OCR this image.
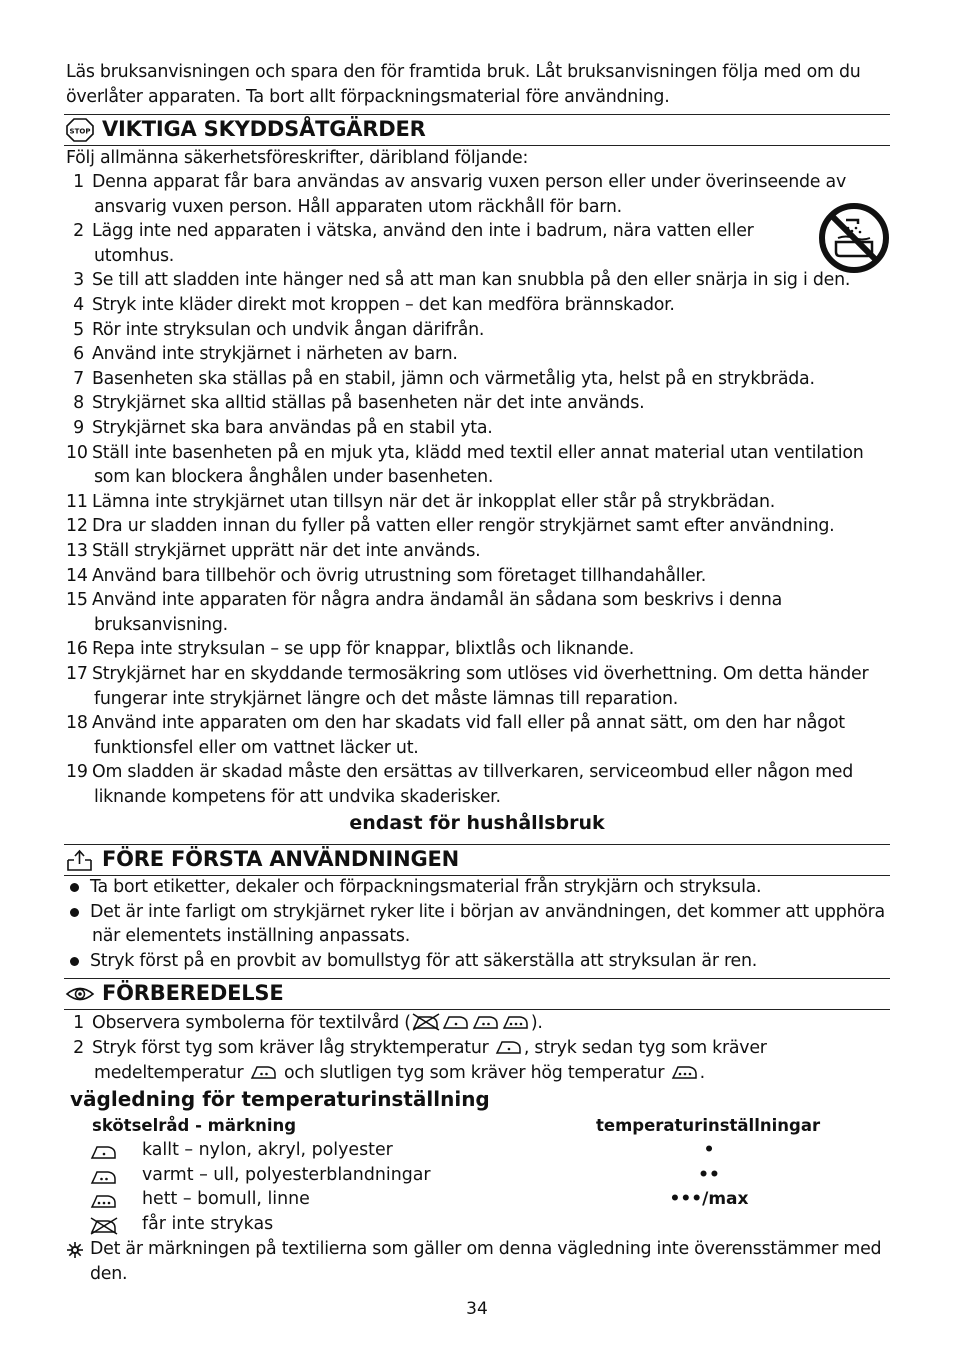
Läs bruksanvisningen och spara den för framtida bruk. Låt bruksanvisningen följa med om du
överlåter apparaten. Ta bort allt förpackningsmaterial före användning.
STOP VIKTIGA SKYDDSÅTGÄRDER
Följ allmänna säkerhetsföreskrifter, däribland följande:
1 Denna apparat får bara användas av ansvarig vuxen person eller under överinseende av
ansvarig vuxen person. Håll apparaten utom räckhåll för barn.
2 Lägg inte ned apparaten i vätska, använd den inte i badrum, nära vatten eller
utomhus.
3 Se till att sladden inte hänger ned så att man kan snubbla på den eller snärja in sig i den.
4 Stryk inte kläder direkt mot kroppen – det kan medföra brännskador.
5 Rör inte stryksulan och undvik ångan därifrån.
6 Använd inte strykjärnet i närheten av barn.
7 Basenheten ska ställas på en stabil, jämn och värmetålig yta, helst på en strykbräda.
8 Strykjärnet ska alltid ställas på basenheten när det inte används.
9 Strykjärnet ska bara användas på en stabil yta.
10 Ställ inte basenheten på en mjuk yta, klädd med textil eller annat material utan ventilation
som kan blockera ånghålen under basenheten.
11 Lämna inte strykjärnet utan tillsyn när det är inkopplat eller står på strykbrädan.
12 Dra ur sladden innan du fyller på vatten eller rengör strykjärnet samt efter användning.
13 Ställ strykjärnet upprätt när det inte används.
14 Använd bara tillbehör och övrig utrustning som företaget tillhandahåller.
15 Använd inte apparaten för några andra ändamål än sådana som beskrivs i denna
bruksanvisning.
16 Repa inte stryksulan – se upp för knappar, blixtlås och liknande.
17 Strykjärnet har en skyddande termosäkring som utlöses vid överhettning. Om detta händer
fungerar inte strykjärnet längre och det måste lämnas till reparation.
18 Använd inte apparaten om den har skadats vid fall eller på annat sätt, om den har något
funktionsfel eller om vattnet läcker ut.
19 Om sladden är skadad måste den ersättas av tillverkaren, serviceombud eller någon med
liknande kompetens för att undvika skaderisker.
endast för hushållsbruk
FÖRE FÖRSTA ANVÄNDNINGEN
Ta bort etiketter, dekaler och förpackningsmaterial från strykjärn och stryksula.
Det är inte farligt om strykjärnet ryker lite i början av användningen, det kommer att upphöra
när elementets inställning anpassats.
Stryk först på en provbit av bomullstyg för att säkerställa att stryksulan är ren.
FÖRBEREDELSE
1 Observera symbolerna för textilvård (	).
2 Stryk först tyg som kräver låg stryktemperatur
, stryk sedan tyg som kräver
medeltemperatur
och slutligen tyg som kräver hög temperatur
.
vägledning för temperaturinställning
skötselråd - märkning	temperaturinställningar
kallt – nylon, akryl, polyester	•
varmt – ull, polyesterblandningar	••
hett – bomull, linne	•••/max
får inte strykas
Det är märkningen på textilierna som gäller om denna vägledning inte överensstämmer med
den.
34
